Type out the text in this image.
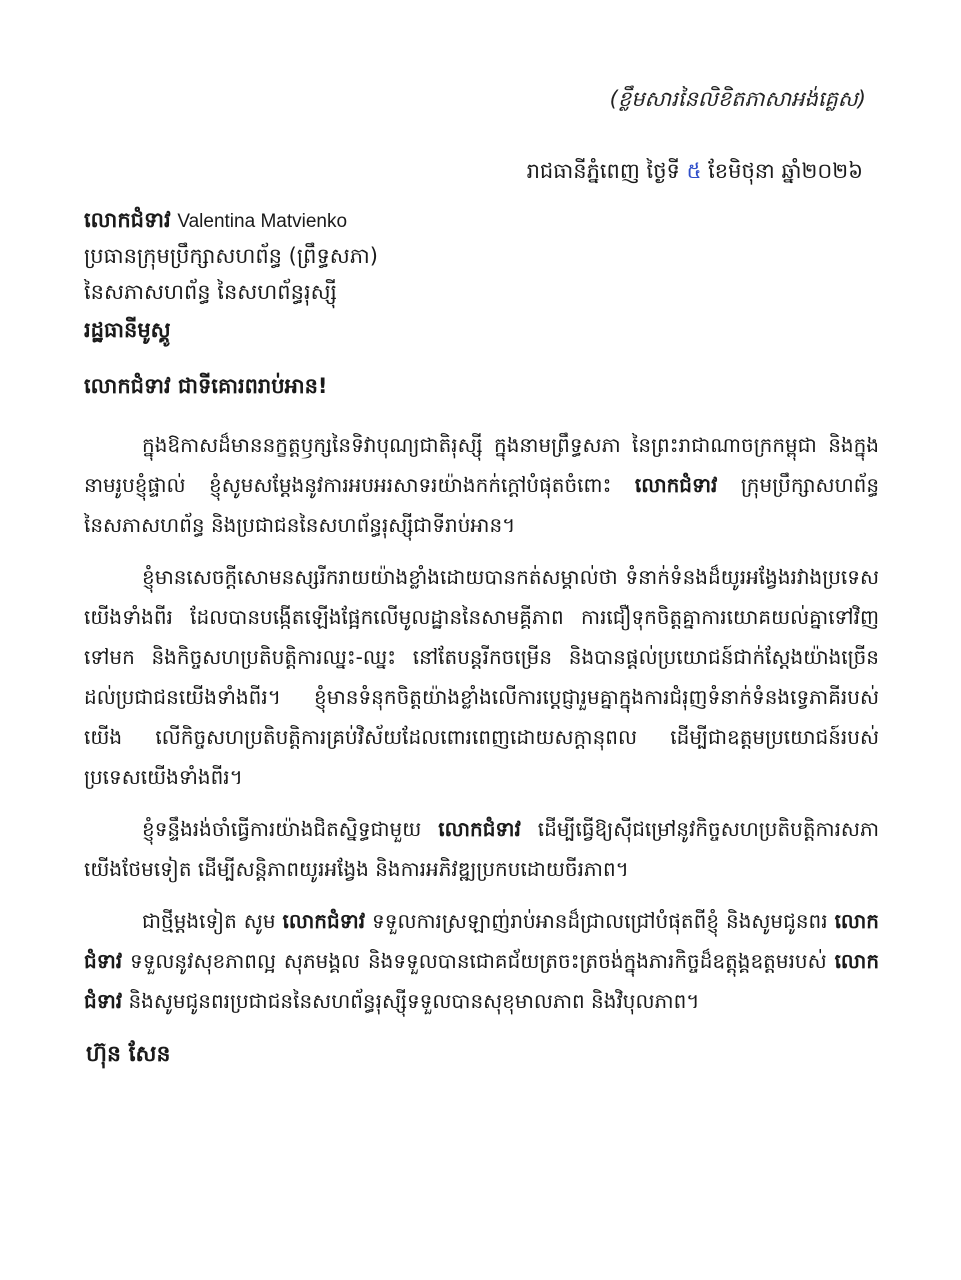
(ខ្លឹមសារនៃលិខិតភាសាអង់គ្លេស)
រាជធានីភ្នំពេញ ថ្ងៃទី ៥ ខែមិថុនា ឆ្នាំ២០២៦
លោកជំទាវ Valentina Matvienko
ប្រធានក្រុមប្រឹក្សាសហព័ន្ធ (ព្រឹទ្ធសភា)
នៃសភាសហព័ន្ធ នៃសហព័ន្ធរុស្ស៊ី
រដ្ឋធានីមូស្គូ
លោកជំទាវ ជាទីគោរពរាប់អាន!

ក្នុងឱកាសដ៏មាននក្ខត្តឫក្សនៃទិវាបុណ្យជាតិរុស្ស៊ី ក្នុងនាមព្រឹទ្ធសភា នៃព្រះរាជាណាចក្រកម្ពុជា និងក្នុងនាមរូបខ្ញុំផ្ទាល់ ខ្ញុំសូមសម្តែងនូវការអបអរសាទរយ៉ាងកក់ក្តៅបំផុតចំពោះ លោកជំទាវ ក្រុមប្រឹក្សាសហព័ន្ធ នៃសភាសហព័ន្ធ និងប្រជាជននៃសហព័ន្ធរុស្ស៊ីជាទីរាប់អាន។

ខ្ញុំមានសេចក្តីសោមនស្សរីករាយយ៉ាងខ្លាំងដោយបានកត់សម្គាល់ថា ទំនាក់ទំនងដ៏យូរអង្វែងរវាងប្រទេសយើងទាំងពីរ ដែលបានបង្កើតឡើងផ្អែកលើមូលដ្ឋាននៃសាមគ្គីភាព ការជឿទុកចិត្តគ្នាការយោគយល់គ្នាទៅវិញទៅមក និងកិច្ចសហប្រតិបត្តិការឈ្នះ-ឈ្នះ នៅតែបន្តរីកចម្រើន និងបានផ្តល់ប្រយោជន៍ជាក់ស្តែងយ៉ាងច្រើនដល់ប្រជាជនយើងទាំងពីរ។ ខ្ញុំមានទំនុកចិត្តយ៉ាងខ្លាំងលើការប្តេជ្ញារួមគ្នាក្នុងការជំរុញទំនាក់ទំនងទ្វេភាគីរបស់យើង លើកិច្ចសហប្រតិបត្តិការគ្រប់វិស័យដែលពោរពេញដោយសក្តានុពល ដើម្បីជាឧត្តមប្រយោជន៍របស់ប្រទេសយើងទាំងពីរ។

ខ្ញុំទន្ទឹងរង់ចាំធ្វើការយ៉ាងជិតស្និទ្ធជាមួយ លោកជំទាវ ដើម្បីធ្វើឱ្យស៊ីជម្រៅនូវកិច្ចសហប្រតិបត្តិការសភាយើងថែមទៀត ដើម្បីសន្តិភាពយូរអង្វែង និងការអភិវឌ្ឍប្រកបដោយចីរភាព។

ជាថ្មីម្តងទៀត សូម លោកជំទាវ ទទួលការស្រឡាញ់រាប់អានដ៏ជ្រាលជ្រៅបំផុតពីខ្ញុំ និងសូមជូនពរ លោកជំទាវ ទទួលនូវសុខភាពល្អ សុភមង្គល និងទទួលបានជោគជ័យត្រចះត្រចង់ក្នុងភារកិច្ចដ៏ឧត្តុង្គឧត្តមរបស់ លោកជំទាវ និងសូមជូនពរប្រជាជននៃសហព័ន្ធរុស្ស៊ីទទួលបានសុខុមាលភាព និងវិបុលភាព។

ហ៊ុន សែន
